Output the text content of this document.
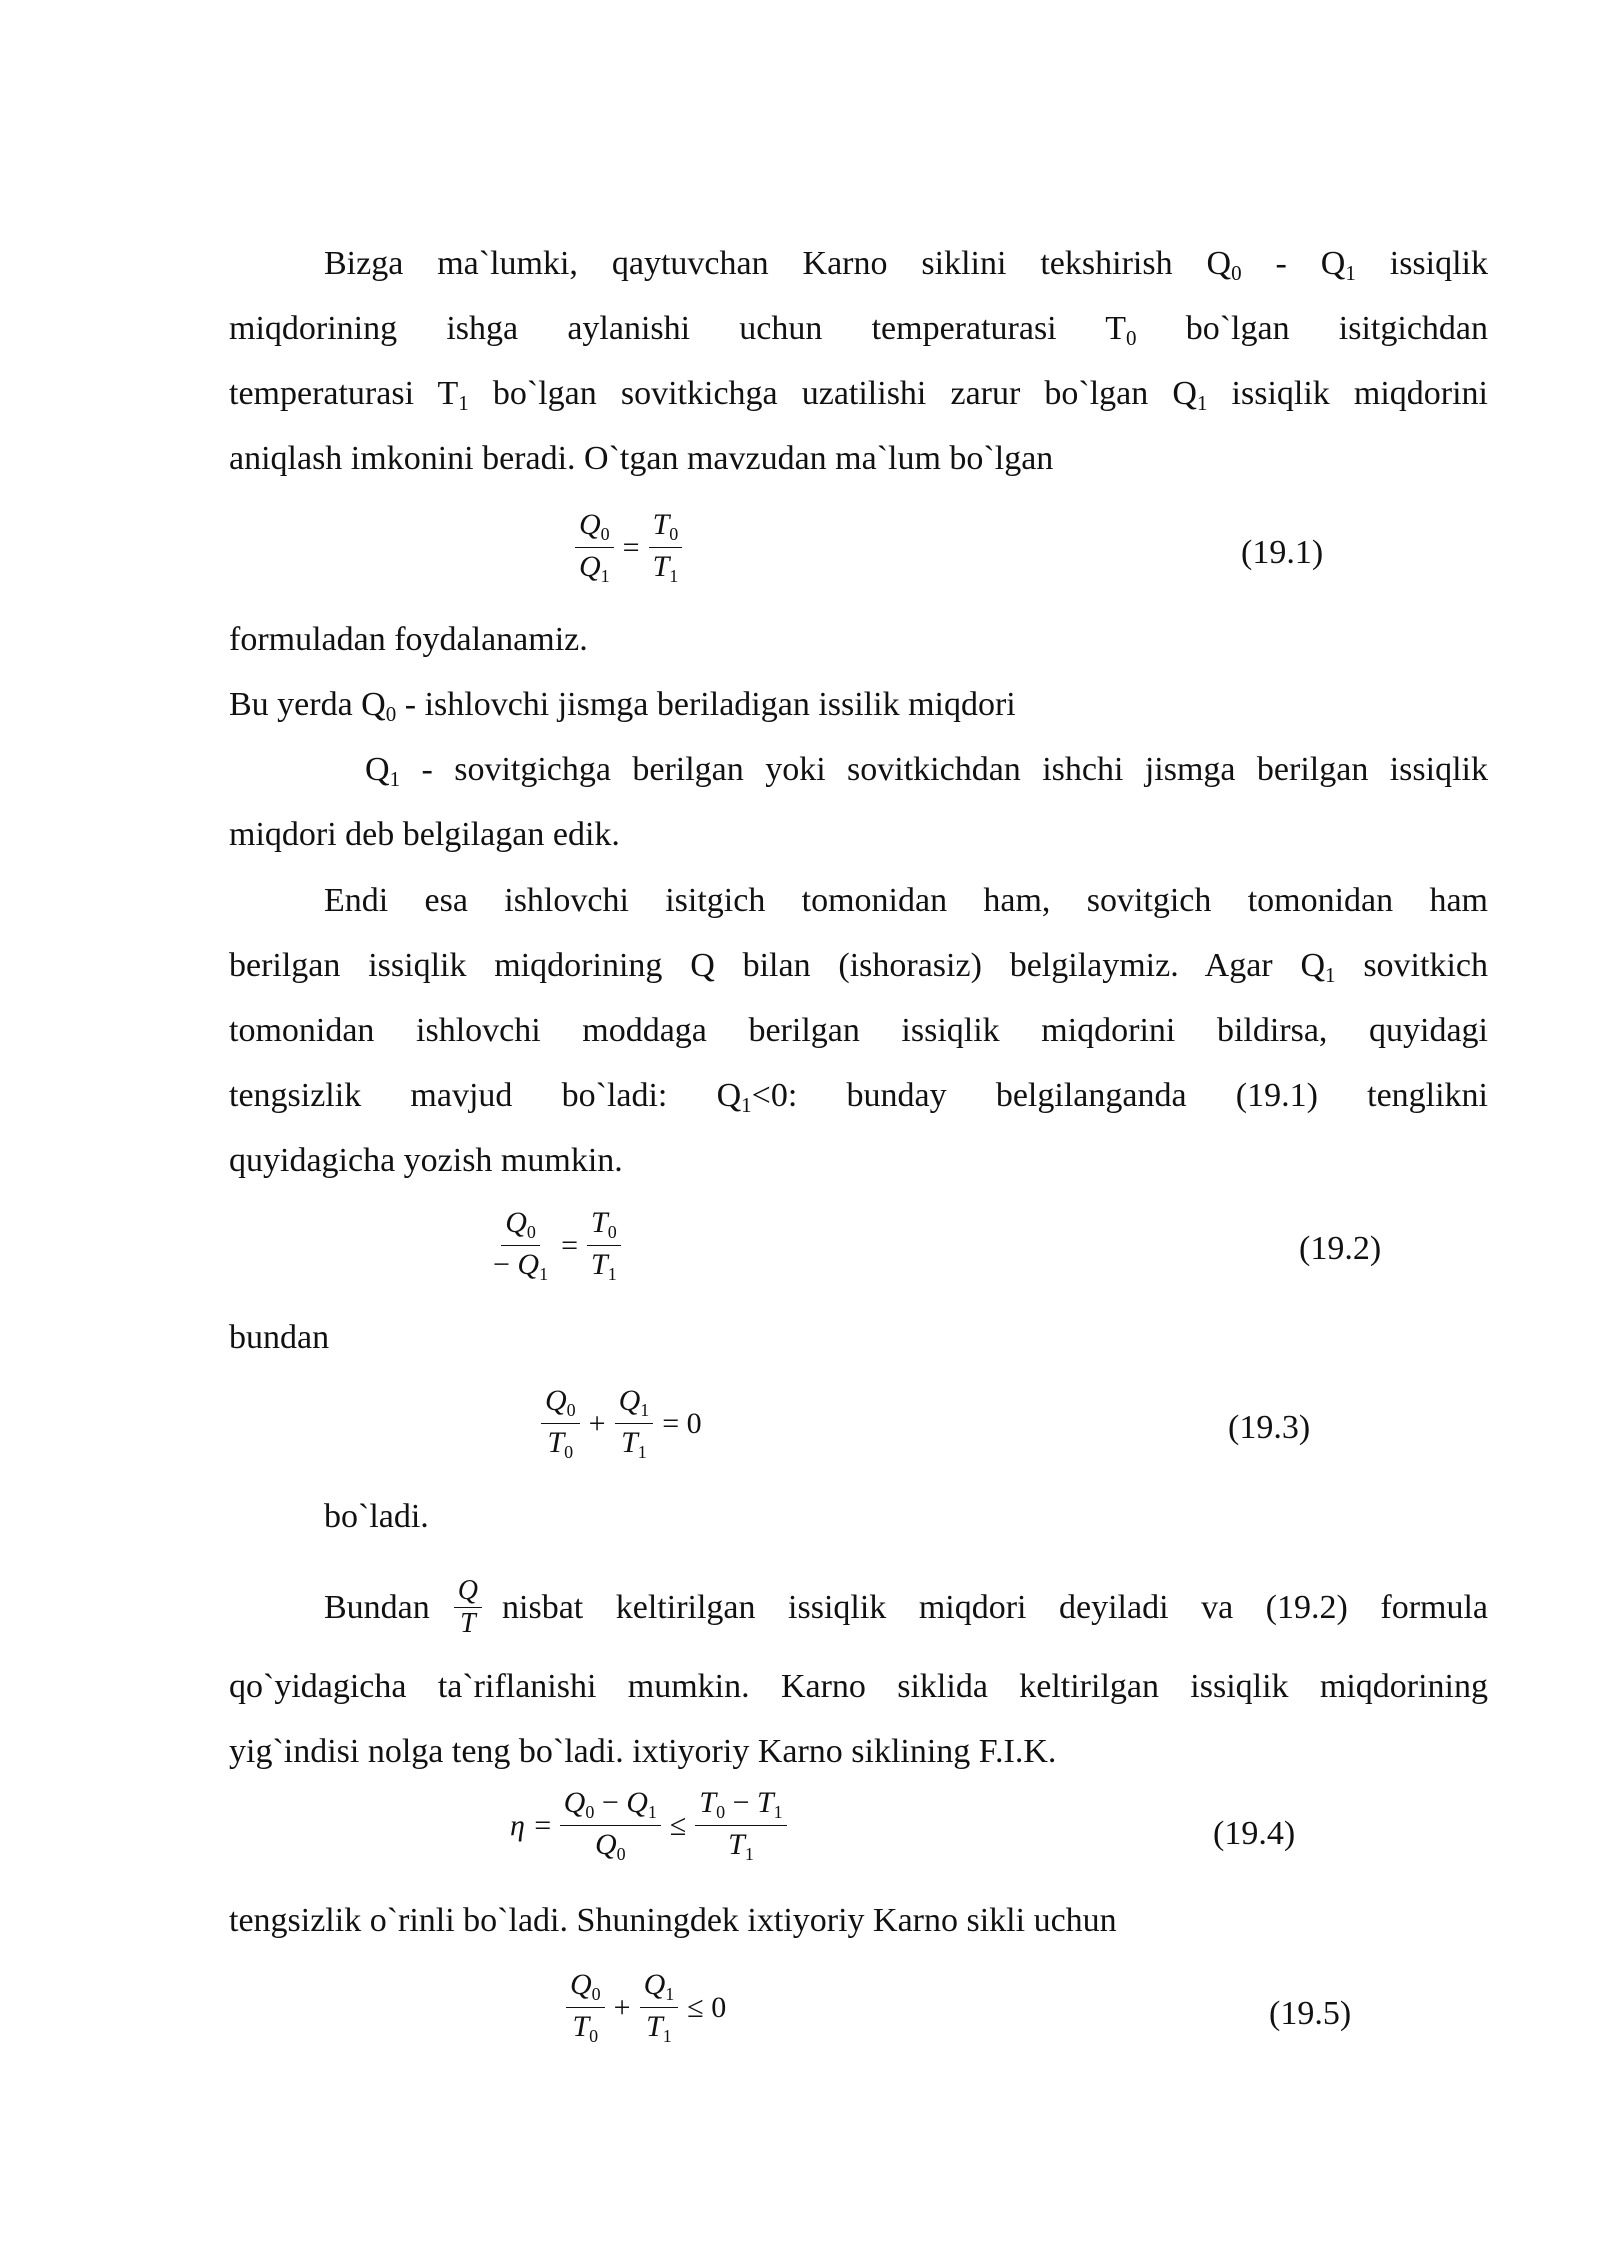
Bizga ma`lumki, qaytuvchan Karno siklini tekshirish Q0 - Q1 issiqlik
miqdorining ishga aylanishi uchun temperaturasi T0 bo`lgan isitgichdan
temperaturasi T1 bo`lgan sovitkichga uzatilishi zarur bo`lgan Q1 issiqlik miqdorini
aniqlash imkonini beradi. O`tgan mavzudan ma`lum bo`lgan
$\frac{Q_0}{Q_1} = \frac{T_0}{T_1}$	(19.1)
formuladan foydalanamiz.
Bu yerda Q0 - ishlovchi jismga beriladigan issilik miqdori
Q1 - sovitgichga berilgan yoki sovitkichdan ishchi jismga berilgan issiqlik
miqdori deb belgilagan edik.
Endi esa ishlovchi isitgich tomonidan ham, sovitgich tomonidan ham
berilgan issiqlik miqdorining Q bilan (ishorasiz) belgilaymiz. Agar Q1 sovitkich
tomonidan ishlovchi moddaga berilgan issiqlik miqdorini bildirsa, quyidagi
tengsizlik mavjud bo`ladi: Q1<0: bunday belgilanganda (19.1) tenglikni
quyidagicha yozish mumkin.
$\frac{Q_0}{- Q_1} = \frac{T_0}{T_1}$	(19.2)
bundan
$\frac{Q_0}{T_0} + \frac{Q_1}{T_1} = 0$	(19.3)
bo`ladi.
Bundan $\frac{Q}{T}$ nisbat keltirilgan issiqlik miqdori deyiladi va (19.2) formula
qo`yidagicha ta`riflanishi mumkin. Karno siklida keltirilgan issiqlik miqdorining
yig`indisi nolga teng bo`ladi. ixtiyoriy Karno siklining F.I.K.
$\eta = \frac{Q_0 - Q_1}{Q_0} \le \frac{T_0 - T_1}{T_1}$	(19.4)
tengsizlik o`rinli bo`ladi. Shuningdek ixtiyoriy Karno sikli uchun
$\frac{Q_0}{T_0} + \frac{Q_1}{T_1} \le 0$	(19.5)
